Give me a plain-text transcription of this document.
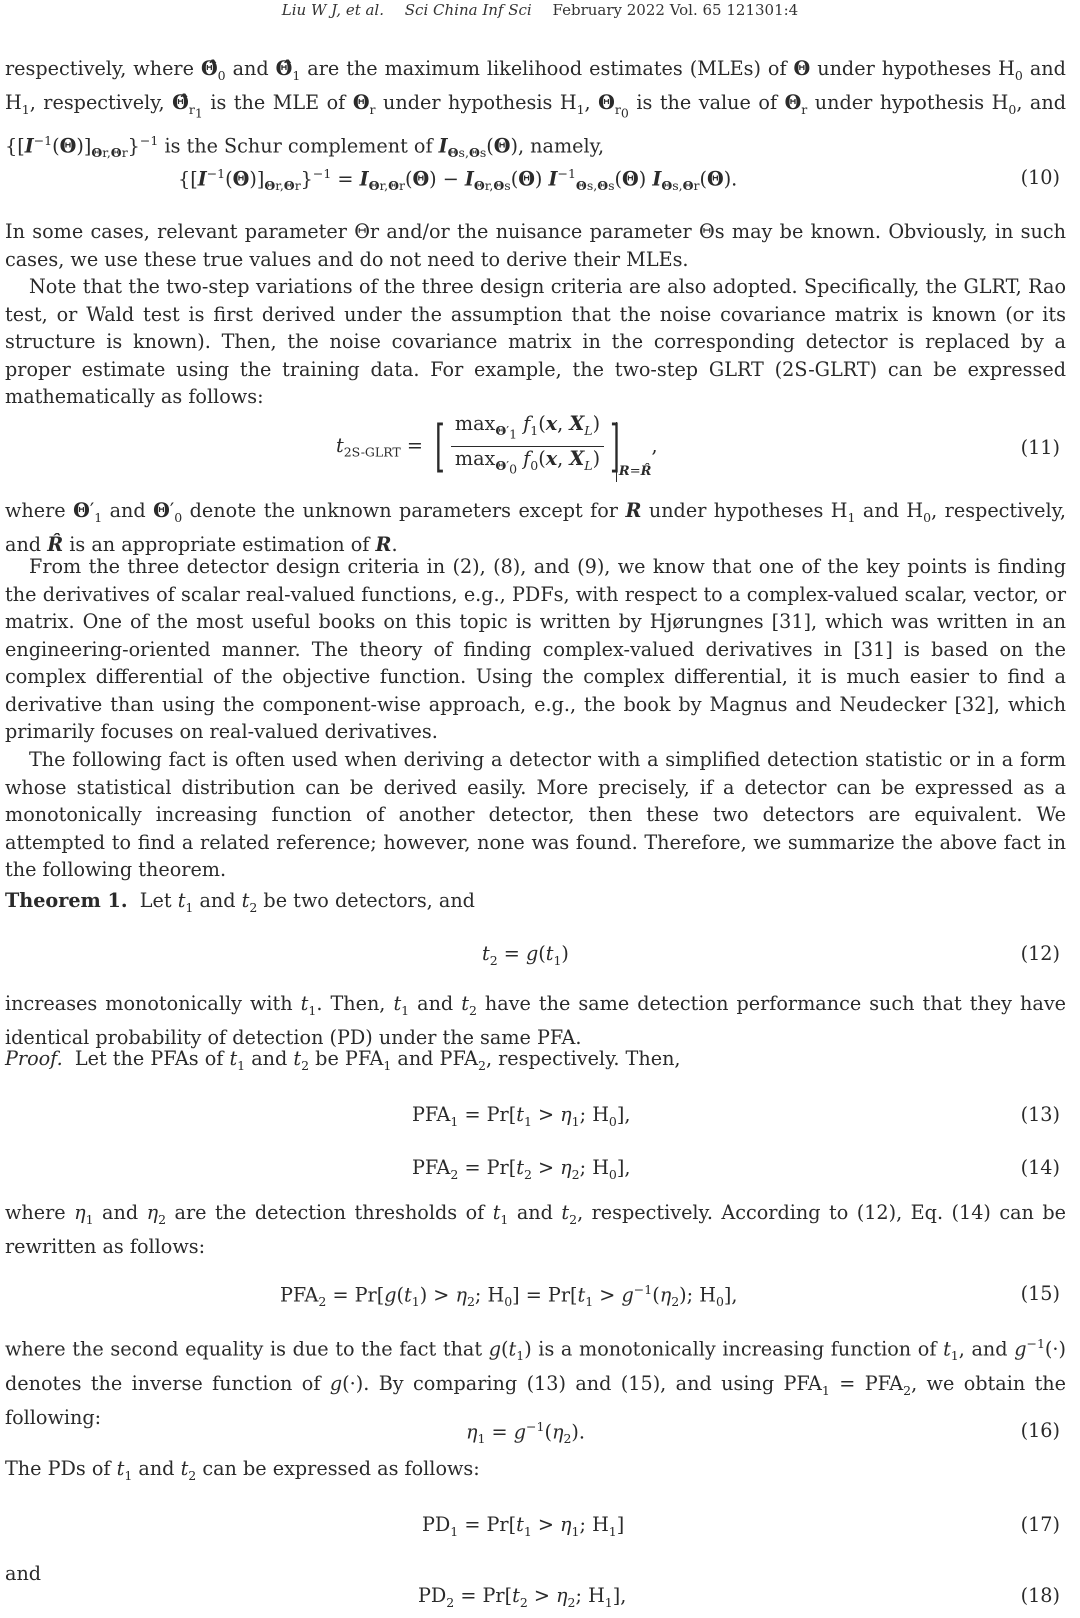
Liu W J, et al. Sci China Inf Sci February 2022 Vol. 65 121301:4

respectively, where $\Thetâ_0$ and $\Thetâ_1$ are the maximum likelihood estimates (MLEs) of Θ under hypotheses $H_0$ and $H_1$, respectively, $\Thetâ_{r_1}$ is the MLE of $\Theta_r$ under hypothesis $H_1$, $\Theta_{r_0}$ is the value of $\Theta_r$ under hypothesis $H_0$, and $\{[I^{-1}(\Theta)]_{\Theta r,\Theta r}\}^{-1}$ is the Schur complement of $I_{\Theta s,\Theta s}(\Theta)$, namely,

$\{[I^{-1}(\Theta)]_{\Theta r,\Theta r}\}^{-1} = I_{\Theta r,\Theta r}(\Theta) - I_{\Theta r,\Theta s}(\Theta)$ $I^{-1}_{\Theta s,\Theta s}(\Theta)$ $I_{\Theta s,\Theta r}(\Theta)$.	(10)

In some cases, relevant parameter Θr and/or the nuisance parameter Θs may be known. Obviously, in such cases, we use these true values and do not need to derive their MLEs.

Note that the two-step variations of the three design criteria are also adopted. Specifically, the GLRT, Rao test, or Wald test is first derived under the assumption that the noise covariance matrix is known (or its structure is known). Then, the noise covariance matrix in the corresponding detector is replaced by a proper estimate using the training data. For example, the two-step GLRT (2S-GLRT) can be expressed mathematically as follows:

$t_{2S-GLRT}$ = [ $\frac{\max_{\Theta'_1} f_1(x, X_L)}{\max_{\Theta'_0} f_0(x, X_L)}$ ]

R=R̂,	(11)

where $\Theta'_1$ and $\Theta'_0$ denote the unknown parameters except for R under hypotheses $H_1$ and $H_0$, respectively, and R̂ is an appropriate estimation of R.

From the three detector design criteria in (2), (8), and (9), we know that one of the key points is finding the derivatives of scalar real-valued functions, e.g., PDFs, with respect to a complex-valued scalar, vector, or matrix. One of the most useful books on this topic is written by Hjørungnes [31], which was written in an engineering-oriented manner. The theory of finding complex-valued derivatives in [31] is based on the complex differential of the objective function. Using the complex differential, it is much easier to find a derivative than using the component-wise approach, e.g., the book by Magnus and Neudecker [32], which primarily focuses on real-valued derivatives.

The following fact is often used when deriving a detector with a simplified detection statistic or in a form whose statistical distribution can be derived easily. More precisely, if a detector can be expressed as a monotonically increasing function of another detector, then these two detectors are equivalent. We attempted to find a related reference; however, none was found. Therefore, we summarize the above fact in the following theorem.

Theorem 1. Let $t_1$ and $t_2$ be two detectors, and

$t_2 = g(t_1)$	(12)

increases monotonically with $t_1$. Then, $t_1$ and $t_2$ have the same detection performance such that they have identical probability of detection (PD) under the same PFA.

Proof.  Let the PFAs of $t_1$ and $t_2$ be $PFA_1$ and $PFA_2$, respectively. Then,

$PFA_1 = Pr[t_1 > \eta_1$; $H_0$],	(13)
$PFA_2 = Pr[t_2 > \eta_2$; $H_0$],	(14)

where $\eta_1$ and $\eta_2$ are the detection thresholds of $t_1$ and $t_2$, respectively. According to (12), Eq. (14) can be rewritten as follows:

$PFA_2 = Pr[g(t_1) > \eta_2$; $H_0] = Pr[t_1 > g^{-1}(\eta_2)$; $H_0$],	(15)

where the second equality is due to the fact that $g(t_1)$ is a monotonically increasing function of $t_1$, and $g^{-1}(\cdot)$ denotes the inverse function of g(·). By comparing (13) and (15), and using $PFA_1 = PFA_2$, we obtain the following:

$\eta_1 = g^{-1}(\eta_2)$.	(16)

The PDs of $t_1$ and $t_2$ can be expressed as follows:

$PD_1 = Pr[t_1 > \eta_1$; $H_1$]	(17)

and

$PD_2 = Pr[t_2 > \eta_2$; $H_1$],	(18)
